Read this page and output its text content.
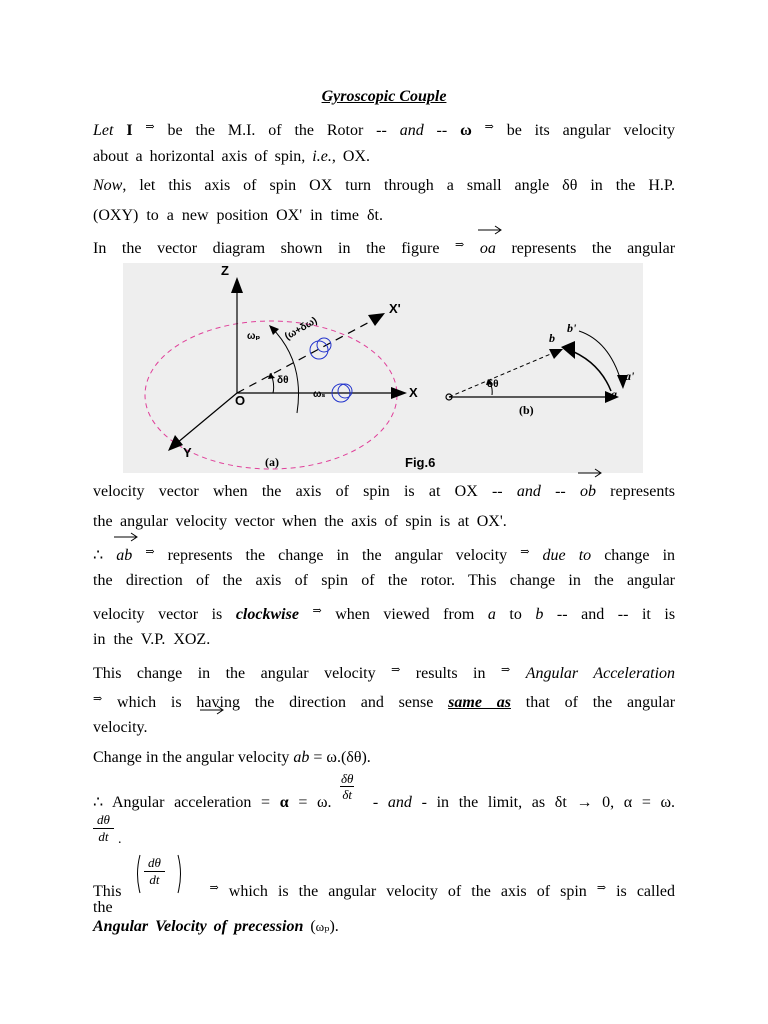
Gyroscopic Couple
Let I ⇒ be the M.I. of the Rotor -- and -- ω ⇒ be its angular velocity
about a horizontal axis of spin, i.e., OX.
Now, let this axis of spin OX turn through a small angle δθ in the H.P.
(OXY) to a new position OX' in time δt.
In the vector diagram shown in the figure ⇒ oa represents the angular
Z
X
X'
Y
O
ωₚ (ω+δω)
δθ
ωₛ
(a)	Fig.6
(b)
a
a'
b
b'
δθ
velocity vector when the axis of spin is at OX -- and -- ob represents
the angular velocity vector when the axis of spin is at OX'.
∴ ab ⇒ represents the change in the angular velocity ⇒ due to change in
the direction of the axis of spin of the rotor. This change in the angular
velocity vector is clockwise ⇒ when viewed from a to b -- and -- it is
in the V.P. XOZ.
This change in the angular velocity ⇒ results in ⇒ Angular Acceleration
⇒ which is having the direction and sense same as that of the angular
velocity.
Change in the angular velocity ab = ω.(δθ).
$\frac{\delta\theta}{\delta t}$
∴ Angular acceleration = α = ω.	- and - in the limit, as δt → 0, α = ω.
$\frac{d\theta}{dt}$ .
$\frac{d\theta}{dt}$
This	⇒ which is the angular velocity of the axis of spin ⇒ is called
the
Angular Velocity of precession (ωₚ).
